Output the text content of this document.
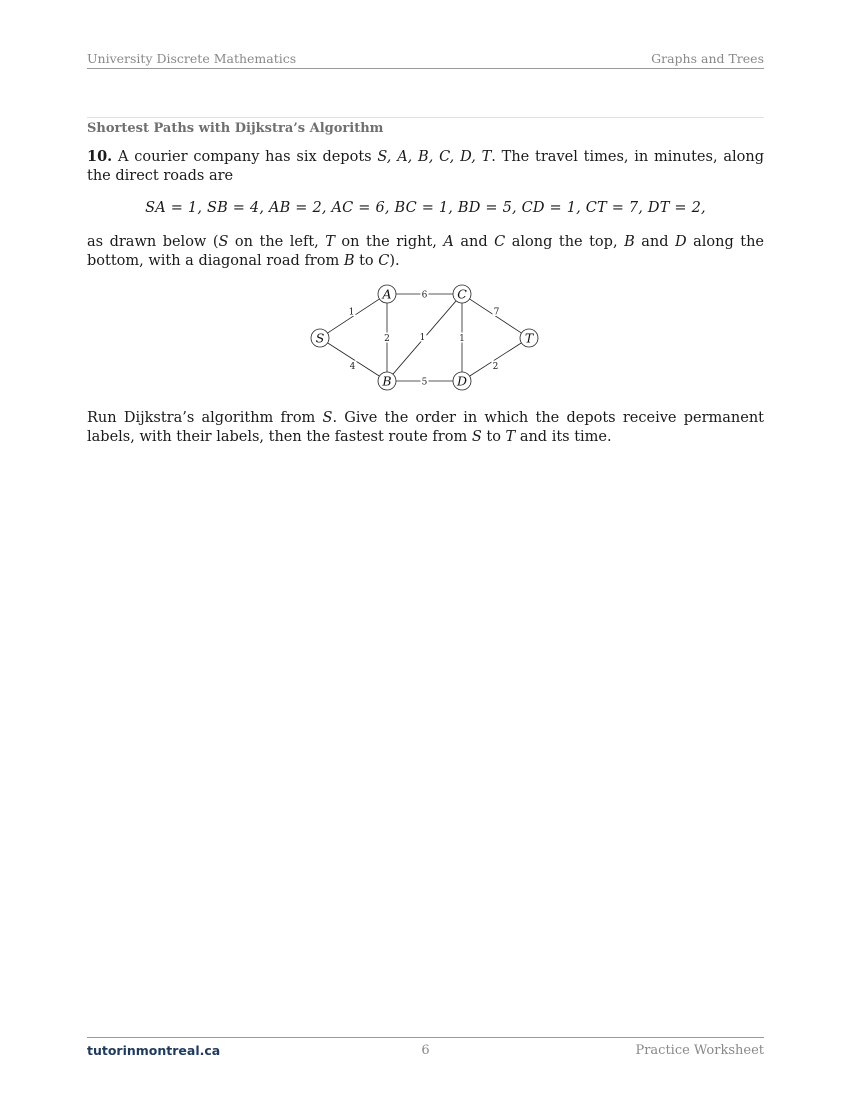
University Discrete Mathematics	Graphs and Trees
Shortest Paths with Dijkstra’s Algorithm
10. A courier company has six depots S, A, B, C, D, T. The travel times, in minutes, along the direct roads are
SA = 1, SB = 4, AB = 2, AC = 6, BC = 1, BD = 5, CD = 1, CT = 7, DT = 2,
as drawn below (S on the left, T on the right, A and C along the top, B and D along the bottom, with a diagonal road from B to C).
1
4
2
6
1
5
1
7
2
S
A
B
C
D
T
Run Dijkstra’s algorithm from S. Give the order in which the depots receive permanent labels, with their labels, then the fastest route from S to T and its time.
tutorinmontreal.ca	6	Practice Worksheet
